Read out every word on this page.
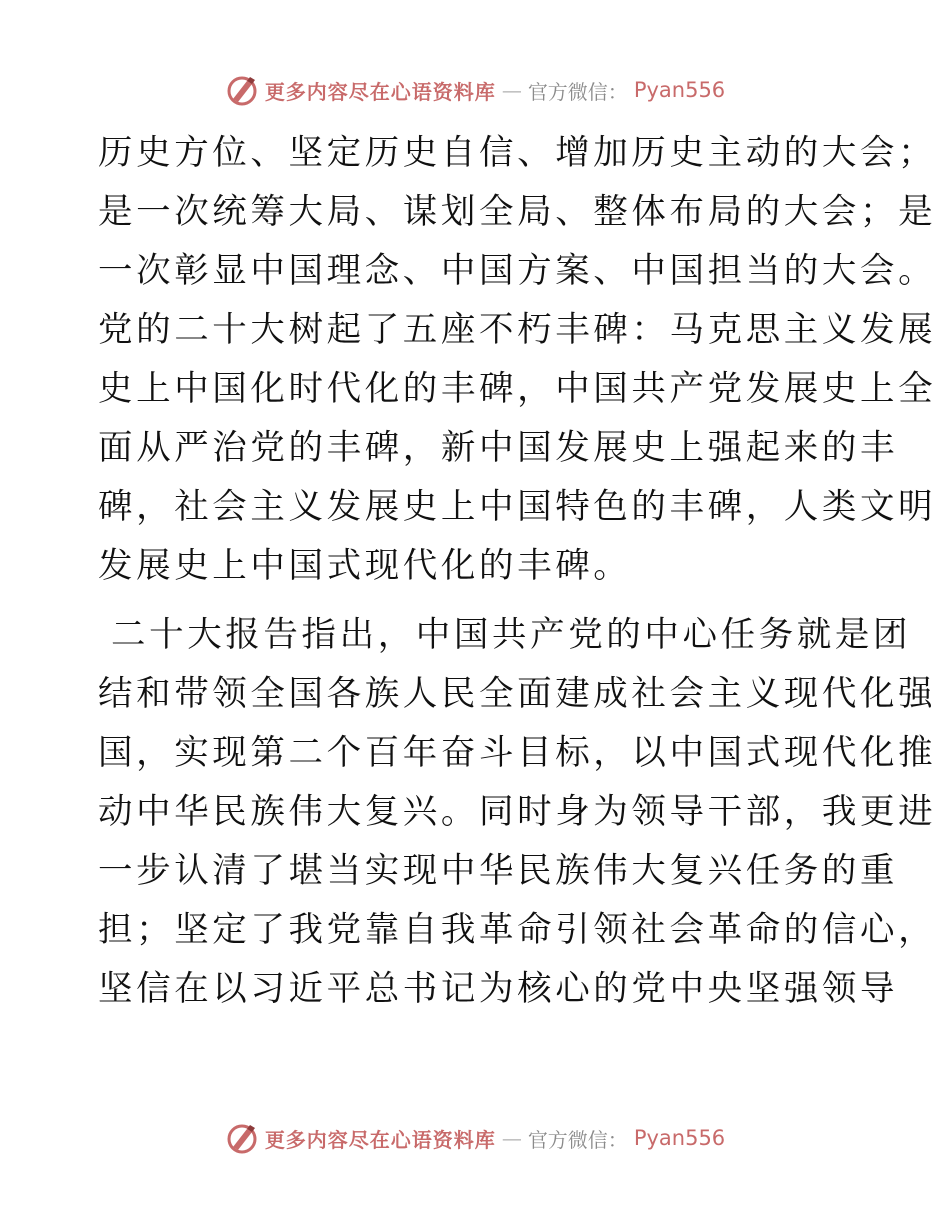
更多内容尽在心语资料库 — 官方微信： Pyan556
历史方位、坚定历史自信、增加历史主动的大会；
是一次统筹大局、谋划全局、整体布局的大会；是
一次彰显中国理念、中国方案、中国担当的大会。
党的二十大树起了五座不朽丰碑：马克思主义发展
史上中国化时代化的丰碑，中国共产党发展史上全
面从严治党的丰碑，新中国发展史上强起来的丰
碑，社会主义发展史上中国特色的丰碑，人类文明
发展史上中国式现代化的丰碑。
二十大报告指出，中国共产党的中心任务就是团
结和带领全国各族人民全面建成社会主义现代化强
国，实现第二个百年奋斗目标，以中国式现代化推
动中华民族伟大复兴。同时身为领导干部，我更进
一步认清了堪当实现中华民族伟大复兴任务的重
担；坚定了我党靠自我革命引领社会革命的信心，
坚信在以习近平总书记为核心的党中央坚强领导
更多内容尽在心语资料库 — 官方微信： Pyan556
